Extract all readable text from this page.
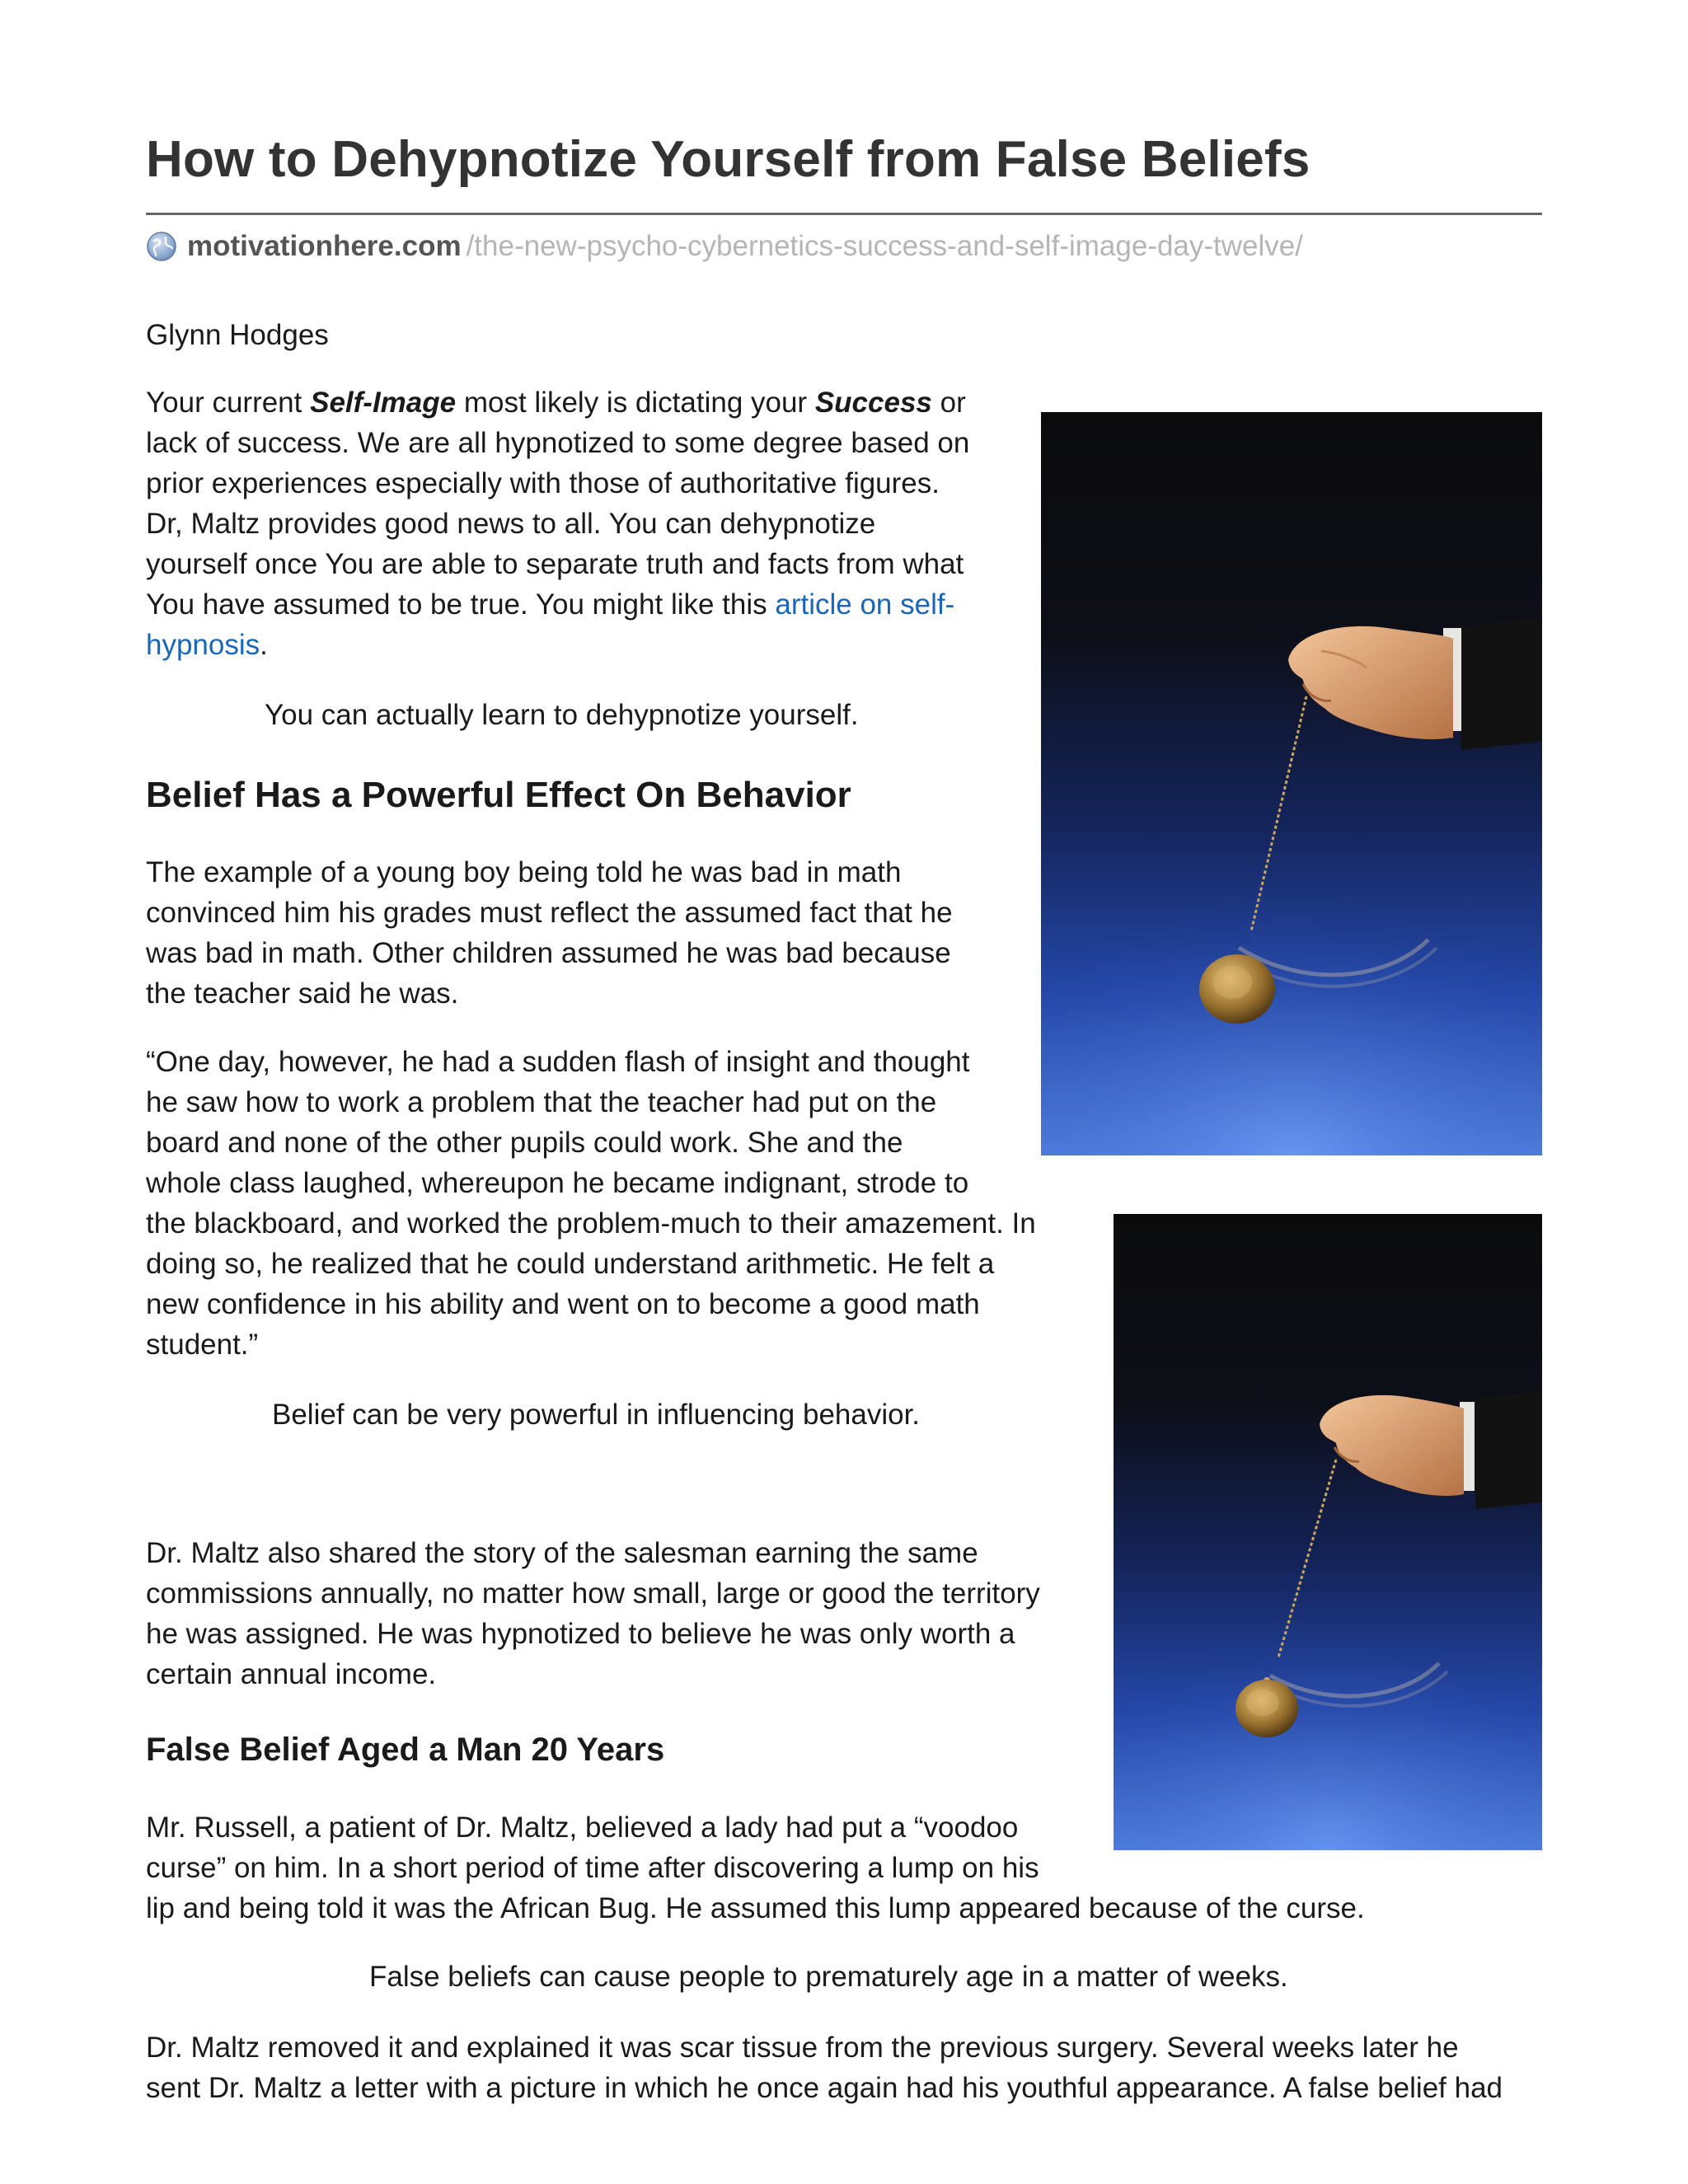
How to Dehypnotize Yourself from False Beliefs
motivationhere.com /the-new-psycho-cybernetics-success-and-self-image-day-twelve/
Glynn Hodges
Your current Self-Image most likely is dictating your Success or
lack of success. We are all hypnotized to some degree based on
prior experiences especially with those of authoritative figures.
Dr, Maltz provides good news to all. You can dehypnotize
yourself once You are able to separate truth and facts from what
You have assumed to be true. You might like this article on self-
hypnosis.
You can actually learn to dehypnotize yourself.
Belief Has a Powerful Effect On Behavior
The example of a young boy being told he was bad in math
convinced him his grades must reflect the assumed fact that he
was bad in math. Other children assumed he was bad because
the teacher said he was.
“One day, however, he had a sudden flash of insight and thought
he saw how to work a problem that the teacher had put on the
board and none of the other pupils could work. She and the
whole class laughed, whereupon he became indignant, strode to
the blackboard, and worked the problem-much to their amazement. In
doing so, he realized that he could understand arithmetic. He felt a
new confidence in his ability and went on to become a good math
student.”
Belief can be very powerful in influencing behavior.
Dr. Maltz also shared the story of the salesman earning the same
commissions annually, no matter how small, large or good the territory
he was assigned. He was hypnotized to believe he was only worth a
certain annual income.
False Belief Aged a Man 20 Years
Mr. Russell, a patient of Dr. Maltz, believed a lady had put a “voodoo
curse” on him. In a short period of time after discovering a lump on his
lip and being told it was the African Bug. He assumed this lump appeared because of the curse.
False beliefs can cause people to prematurely age in a matter of weeks.
Dr. Maltz removed it and explained it was scar tissue from the previous surgery. Several weeks later he
sent Dr. Maltz a letter with a picture in which he once again had his youthful appearance. A false belief had
